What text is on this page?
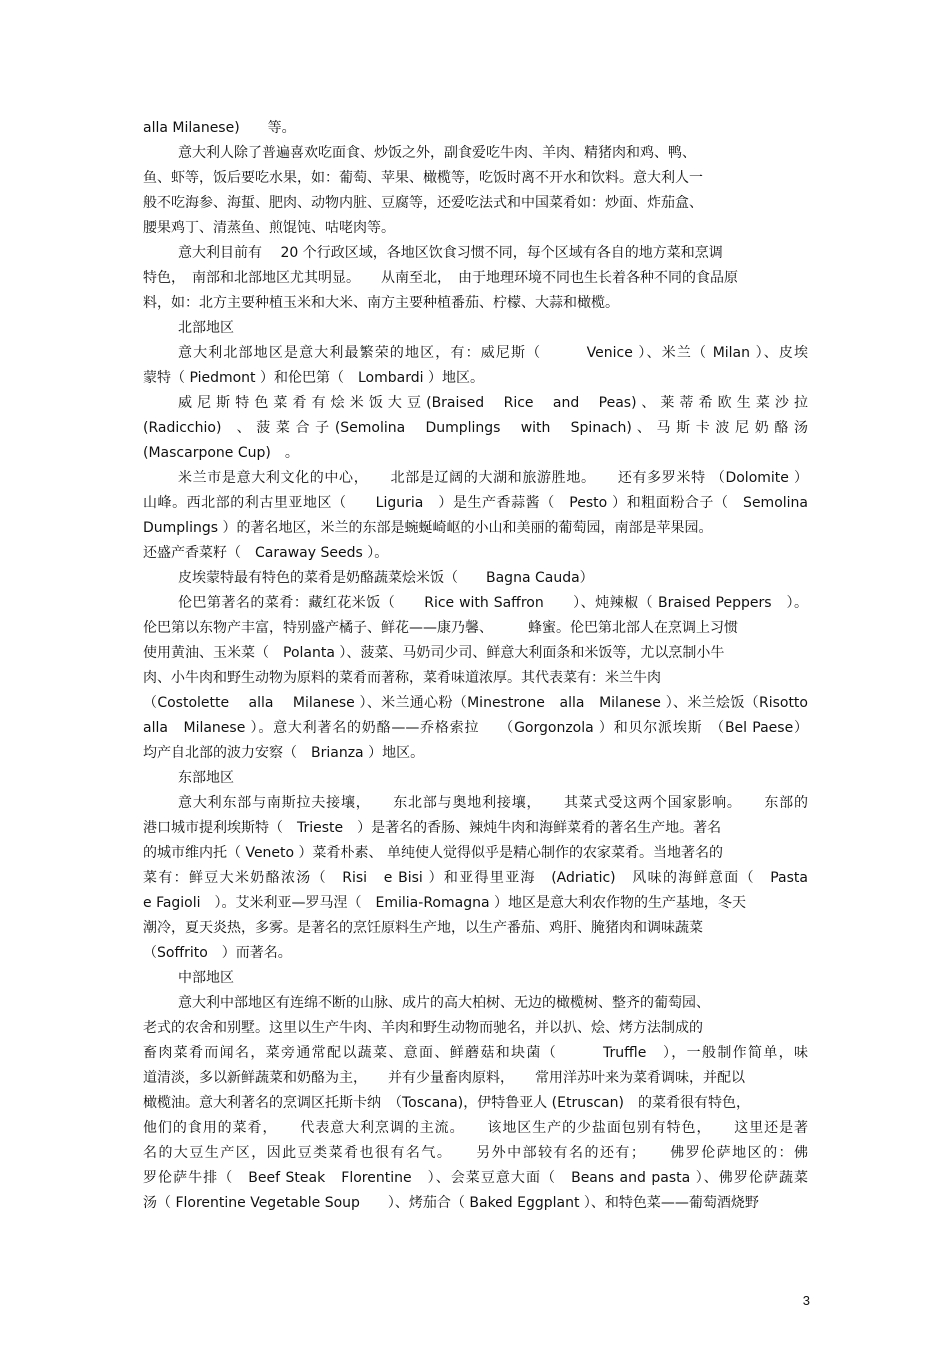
alla Milanese)　　等。
意大利人除了普遍喜欢吃面食、炒饭之外，副食爱吃牛肉、羊肉、精猪肉和鸡、鸭、
鱼、虾等，饭后要吃水果，如：葡萄、苹果、橄榄等，吃饭时离不开水和饮料。意大利人一
般不吃海参、海蜇、肥肉、动物内脏、豆腐等，还爱吃法式和中国菜肴如：炒面、炸茄盒、
腰果鸡丁、清蒸鱼、煎馄饨、咕咾肉等。
意大利目前有　 20 个行政区域，各地区饮食习惯不同，每个区域有各自的地方菜和烹调
特色，　南部和北部地区尤其明显。　　从南至北，　由于地理环境不同也生长着各种不同的食品原
料，如：北方主要种植玉米和大米、南方主要种植番茄、柠檬、大蒜和橄榄。
北部地区
意大利北部地区是意大利最繁荣的地区，有：威尼斯（　　　Venice ）、米兰（ Milan ）、皮埃
蒙特（ Piedmont ）和伦巴第（　Lombardi ）地区。
威 尼 斯 特 色 菜 肴 有 烩 米 饭 大 豆 (Braised　 Rice　 and　 Peas) 、 莱 蒂 希 欧 生 菜 沙 拉
(Radicchio)　、 菠 菜 合 子 (Semolina　 Dumplings　 with　 Spinach) 、 马 斯 卡 波 尼 奶 酪 汤
(Mascarpone Cup)　。
米兰市是意大利文化的中心，　　北部是辽阔的大湖和旅游胜地。　　还有多罗米特 （Dolomite ）
山峰。西北部的利古里亚地区（　　Liguria　）是生产香蒜酱（　Pesto ）和粗面粉合子（　Semolina
Dumplings ）的著名地区，米兰的东部是蜿蜒崎岖的小山和美丽的葡萄园，南部是苹果园。
还盛产香菜籽（　Caraway Seeds ）。
皮埃蒙特最有特色的菜肴是奶酪蔬菜烩米饭（　　Bagna Cauda）
伦巴第著名的菜肴：藏红花米饭（　　Rice with Saffron　　）、炖辣椒（ Braised Peppers　）。
伦巴第以东物产丰富，特别盛产橘子、鲜花——康乃馨、　　　蜂蜜。伦巴第北部人在烹调上习惯
使用黄油、玉米菜（　Polanta ）、菠菜、马奶司少司、鲜意大利面条和米饭等，尤以烹制小牛
肉、小牛肉和野生动物为原料的菜肴而著称，菜肴味道浓厚。其代表菜有：米兰牛肉
（Costolette　 alla　 Milanese ）、米兰通心粉（Minestrone　alla　Milanese ）、米兰烩饭（Risotto
alla　Milanese ）。意大利著名的奶酪——乔格索拉　 （Gorgonzola ）和贝尔派埃斯　（Bel Paese）
均产自北部的波力安察（　Brianza ）地区。
东部地区
意大利东部与南斯拉夫接壤，　　东北部与奥地利接壤，　　其菜式受这两个国家影响。　　东部的
港口城市提利埃斯特（　Trieste　）是著名的香肠、辣炖牛肉和海鲜菜肴的著名生产地。著名
的城市维内托（ Veneto ）菜肴朴素、 单纯使人觉得似乎是精心制作的农家菜肴。当地著名的
菜有：鲜豆大米奶酪浓汤（　Risi　e Bisi ）和亚得里亚海　(Adriatic)　风味的海鲜意面（　Pasta
e Fagioli　）。艾米利亚—罗马涅（　Emilia-Romagna ）地区是意大利农作物的生产基地，冬天
潮冷，夏天炎热，多雾。是著名的烹饪原料生产地，以生产番茄、鸡肝、腌猪肉和调味蔬菜
（Soffrito　）而著名。
中部地区
意大利中部地区有连绵不断的山脉、成片的高大柏树、无边的橄榄树、整齐的葡萄园、
老式的农舍和别墅。这里以生产牛肉、羊肉和野生动物而驰名，并以扒、烩、烤方法制成的
畜肉菜肴而闻名，菜旁通常配以蔬菜、意面、鲜蘑菇和块菌（　　　Truffle　），一般制作简单，味
道清淡，多以新鲜蔬菜和奶酪为主，　　并有少量畜肉原料，　　常用洋苏叶来为菜肴调味，并配以
橄榄油。意大利著名的烹调区托斯卡纳　（Toscana)，伊特鲁亚人 (Etruscan)　的菜肴很有特色，
他们的食用的菜肴，　　代表意大利烹调的主流。　　该地区生产的少盐面包别有特色，　　这里还是著
名的大豆生产区，因此豆类菜肴也很有名气。　　另外中部较有名的还有；　　佛罗伦萨地区的：佛
罗伦萨牛排（　Beef Steak　Florentine　）、会菜豆意大面（　Beans and pasta ）、佛罗伦萨蔬菜
汤（ Florentine Vegetable Soup　　）、烤茄合（ Baked Eggplant ）、和特色菜——葡萄酒烧野
3
